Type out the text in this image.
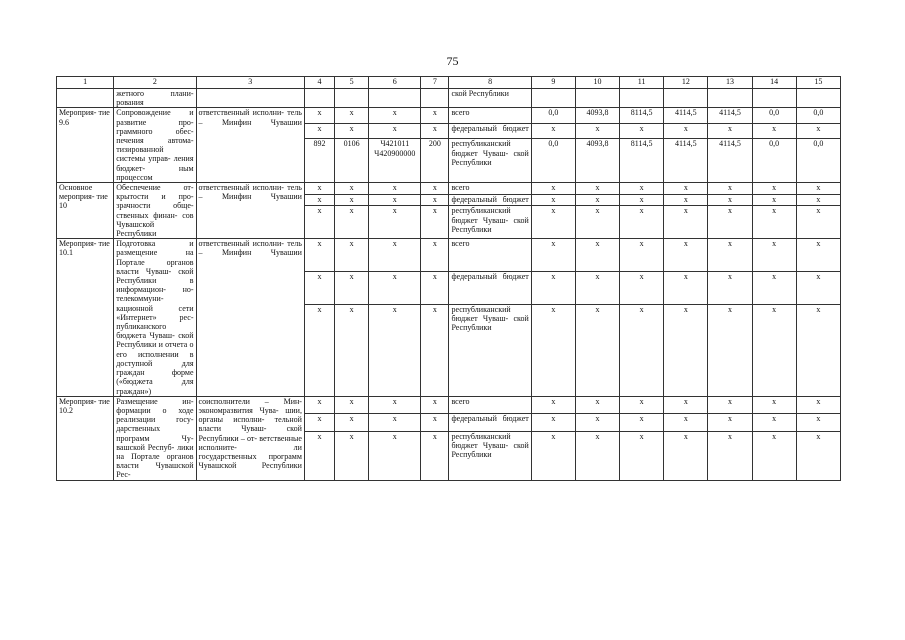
75
1	2	3	4	5	6	7	8	9	10	11	12	13	14	15
	жетного плани- рования						ской Республики							
Мероприя- тие 9.6	Сопровождение и развитие про- граммного обес- печения автома- тизированной системы управ- ления бюджет- ным процессом	ответственный исполни- тель – Минфин Чувашии	x	x	x	x	всего	0,0	4093,8	8114,5	4114,5	4114,5	0,0	0,0
			x	x	x	x	федеральный бюджет	x	x	x	x	x	x	x
			892	0106	Ч421011 Ч420900000	200	республиканский бюджет Чуваш- ской Республики	0,0	4093,8	8114,5	4114,5	4114,5	0,0	0,0
Основное мероприя- тие 10	Обеспечение от- крытости и про- зрачности обще- ственных финан- сов Чувашской Республики	ответственный исполни- тель – Минфин Чувашии	x	x	x	x	всего	x	x	x	x	x	x	x
			x	x	x	x	федеральный бюджет	x	x	x	x	x	x	x
			x	x	x	x	республиканский бюджет Чуваш- ской Республики	x	x	x	x	x	x	x
Мероприя- тие 10.1	Подготовка и размещение на Портале органов власти Чуваш- ской Республики в информацион- но-телекоммуни- кационной сети «Интернет» рес- публиканского бюджета Чуваш- ской Республики и отчета о его исполнении в доступной для граждан форме («бюджета для граждан»)	ответственный исполни- тель – Минфин Чувашии	x	x	x	x	всего	x	x	x	x	x	x	x
			x	x	x	x	федеральный бюджет	x	x	x	x	x	x	x
			x	x	x	x	республиканский бюджет Чуваш- ской Республики	x	x	x	x	x	x	x
Мероприя- тие 10.2	Размещение ин- формации о ходе реализации госу- дарственных программ Чу- вашской Респуб- лики на Портале органов власти Чувашской Рес-	соисполнители – Мин- экономразвития Чува- шии, органы исполни- тельной власти Чуваш- ской Республики – от- ветственные исполните- ли государственных программ Чувашской Республики	x	x	x	x	всего	x	x	x	x	x	x	x
			x	x	x	x	федеральный бюджет	x	x	x	x	x	x	x
			x	x	x	x	республиканский бюджет Чуваш- ской Республики	x	x	x	x	x	x	x
